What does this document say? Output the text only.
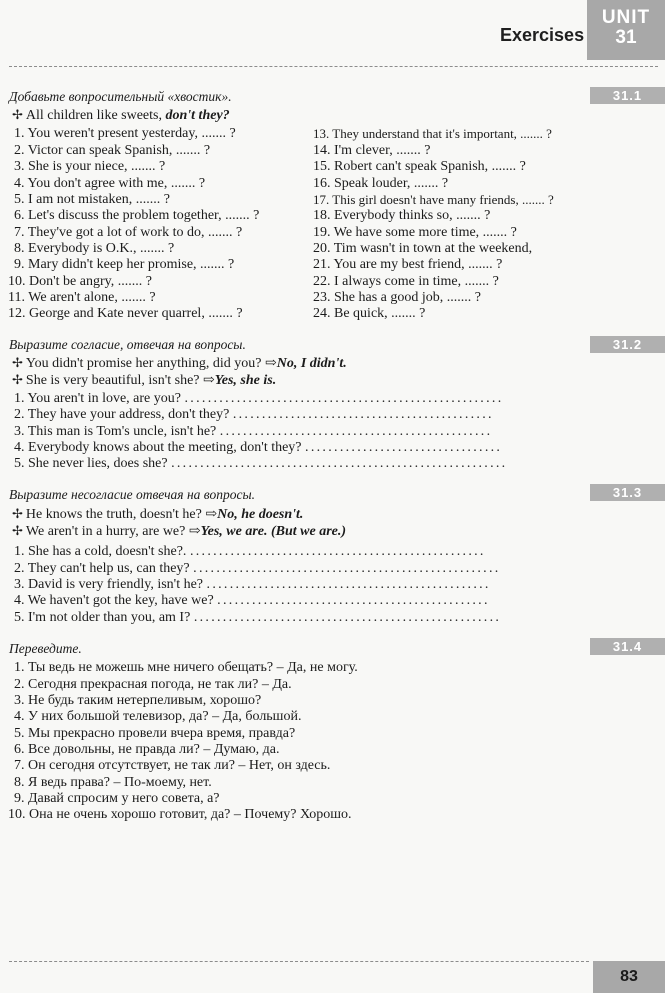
Exercises
UNIT
31
31.1
Добавьте вопросительный «хвостик».
✢ All children like sweets, don't they?
1. You weren't present yesterday, ....... ?
2. Victor can speak Spanish, ....... ?
3. She is your niece, ....... ?
4. You don't agree with me, ....... ?
5. I am not mistaken, ....... ?
6. Let's discuss the problem together, ....... ?
7. They've got a lot of work to do, ....... ?
8. Everybody is O.K., ....... ?
9. Mary didn't keep her promise, ....... ?
10. Don't be angry, ....... ?
11. We aren't alone, ....... ?
12. George and Kate never quarrel, ....... ?
13. They understand that it's important, ....... ?
14. I'm clever, ....... ?
15. Robert can't speak Spanish, ....... ?
16. Speak louder, ....... ?
17. This girl doesn't have many friends, ....... ?
18. Everybody thinks so, ....... ?
19. We have some more time, ....... ?
20. Tim wasn't in town at the weekend,
21. You are my best friend, ....... ?
22. I always come in time, ....... ?
23. She has a good job, ....... ?
24. Be quick, ....... ?
31.2
Выразите согласие, отвечая на вопросы.
✢ You didn't promise her anything, did you? ⇨No, I didn't.
✢ She is very beautiful, isn't she? ⇨Yes, she is.
1. You aren't in love, are you? .......................................................
2. They have your address, don't they? .............................................
3. This man is Tom's uncle, isn't he? ...............................................
4. Everybody knows about the meeting, don't they? ..................................
5. She never lies, does she? ..........................................................
31.3
Выразите несогласие отвечая на вопросы.
✢ He knows the truth, doesn't he? ⇨No, he doesn't.
✢ We aren't in a hurry, are we? ⇨Yes, we are. (But we are.)
1. She has a cold, doesn't she?. ...................................................
2. They can't help us, can they? .....................................................
3. David is very friendly, isn't he? .................................................
4. We haven't got the key, have we? ...............................................
5. I'm not older than you, am I? .....................................................
31.4
Переведите.
1. Ты ведь не можешь мне ничего обещать? – Да, не могу.
2. Сегодня прекрасная погода, не так ли? – Да.
3. Не будь таким нетерпеливым, хорошо?
4. У них большой телевизор, да? – Да, большой.
5. Мы прекрасно провели вчера время, правда?
6. Все довольны, не правда ли? – Думаю, да.
7. Он сегодня отсутствует, не так ли? – Нет, он здесь.
8. Я ведь права? – По-моему, нет.
9. Давай спросим у него совета, а?
10. Она не очень хорошо готовит, да? – Почему? Хорошо.
83
